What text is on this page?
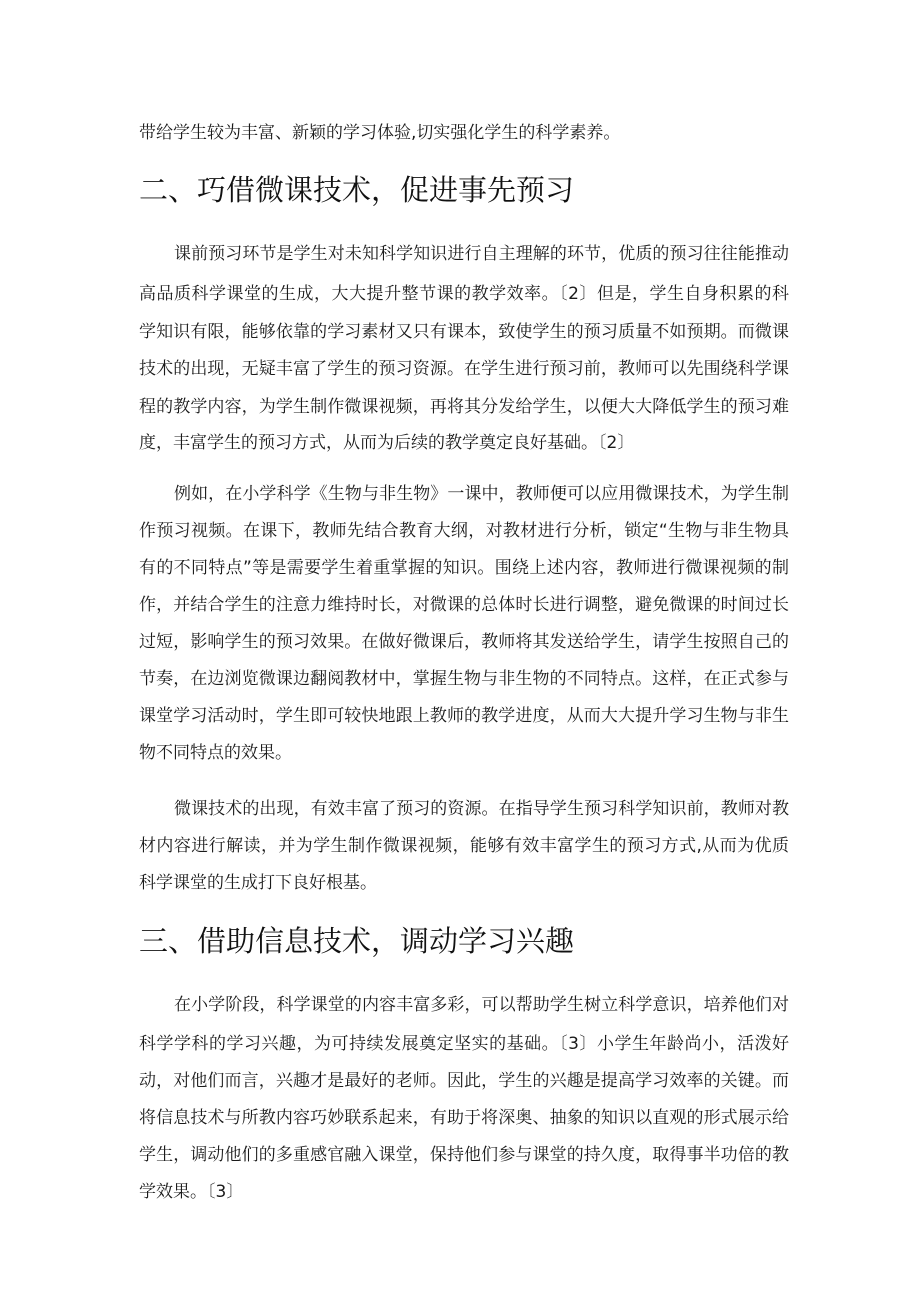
带给学生较为丰富、新颖的学习体验,切实强化学生的科学素养。
二、巧借微课技术，促进事先预习
课前预习环节是学生对未知科学知识进行自主理解的环节，优质的预习往往能推动
高品质科学课堂的生成，大大提升整节课的教学效率。〔2〕但是，学生自身积累的科
学知识有限，能够依靠的学习素材又只有课本，致使学生的预习质量不如预期。而微课
技术的出现，无疑丰富了学生的预习资源。在学生进行预习前，教师可以先围绕科学课
程的教学内容，为学生制作微课视频，再将其分发给学生，以便大大降低学生的预习难
度，丰富学生的预习方式，从而为后续的教学奠定良好基础。〔2〕
例如，在小学科学《生物与非生物》一课中，教师便可以应用微课技术，为学生制
作预习视频。在课下，教师先结合教育大纲，对教材进行分析，锁定“生物与非生物具
有的不同特点”等是需要学生着重掌握的知识。围绕上述内容，教师进行微课视频的制
作，并结合学生的注意力维持时长，对微课的总体时长进行调整，避免微课的时间过长
过短，影响学生的预习效果。在做好微课后，教师将其发送给学生，请学生按照自己的
节奏，在边浏览微课边翻阅教材中，掌握生物与非生物的不同特点。这样，在正式参与
课堂学习活动时，学生即可较快地跟上教师的教学进度，从而大大提升学习生物与非生
物不同特点的效果。
微课技术的出现，有效丰富了预习的资源。在指导学生预习科学知识前，教师对教
材内容进行解读，并为学生制作微课视频，能够有效丰富学生的预习方式,从而为优质
科学课堂的生成打下良好根基。
三、借助信息技术，调动学习兴趣
在小学阶段，科学课堂的内容丰富多彩，可以帮助学生树立科学意识，培养他们对
科学学科的学习兴趣，为可持续发展奠定坚实的基础。〔3〕小学生年龄尚小，活泼好
动，对他们而言，兴趣才是最好的老师。因此，学生的兴趣是提高学习效率的关键。而
将信息技术与所教内容巧妙联系起来，有助于将深奥、抽象的知识以直观的形式展示给
学生，调动他们的多重感官融入课堂，保持他们参与课堂的持久度，取得事半功倍的教
学效果。〔3〕
